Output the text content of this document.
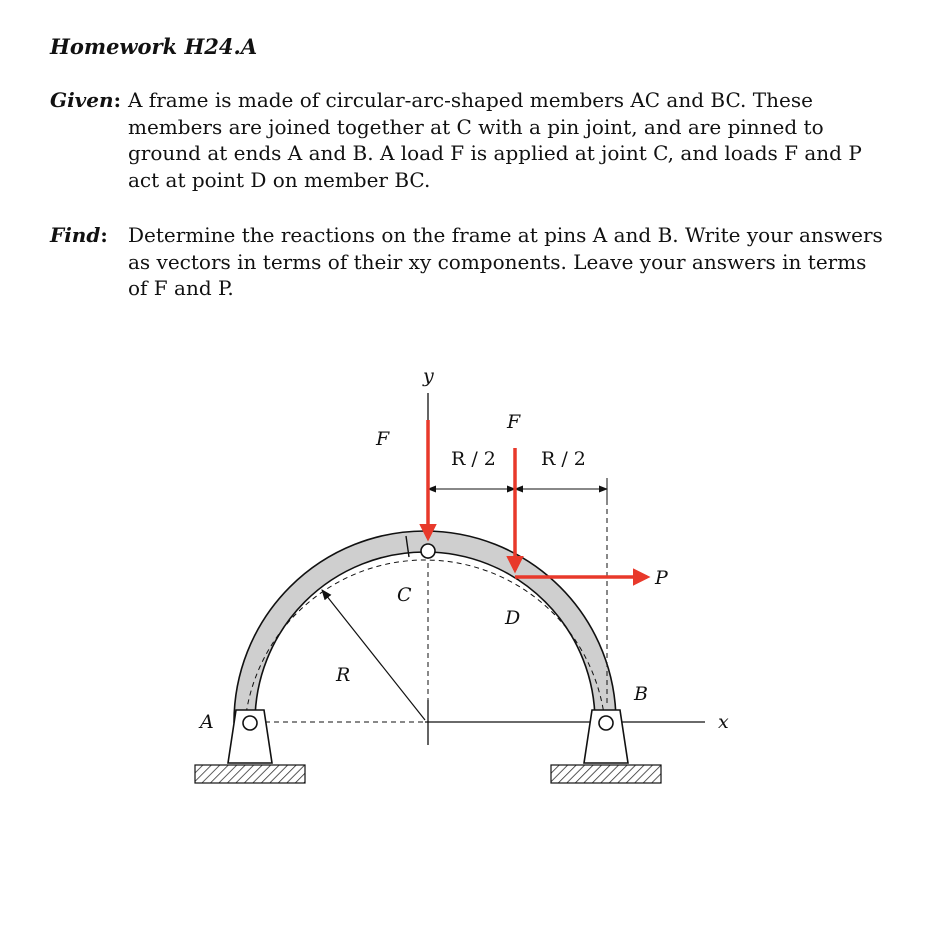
Homework H24.A
Given: A frame is made of circular-arc-shaped members AC and BC. These members are joined together at C with a pin joint, and are pinned to ground at ends A and B. A load F is applied at joint C, and loads F and P act at point D on member BC.
Find: Determine the reactions on the frame at pins A and B. Write your answers as vectors in terms of their xy components. Leave your answers in terms of F and P.
y
x
A
B
C
D
R
F
F
P
R / 2 R / 2
